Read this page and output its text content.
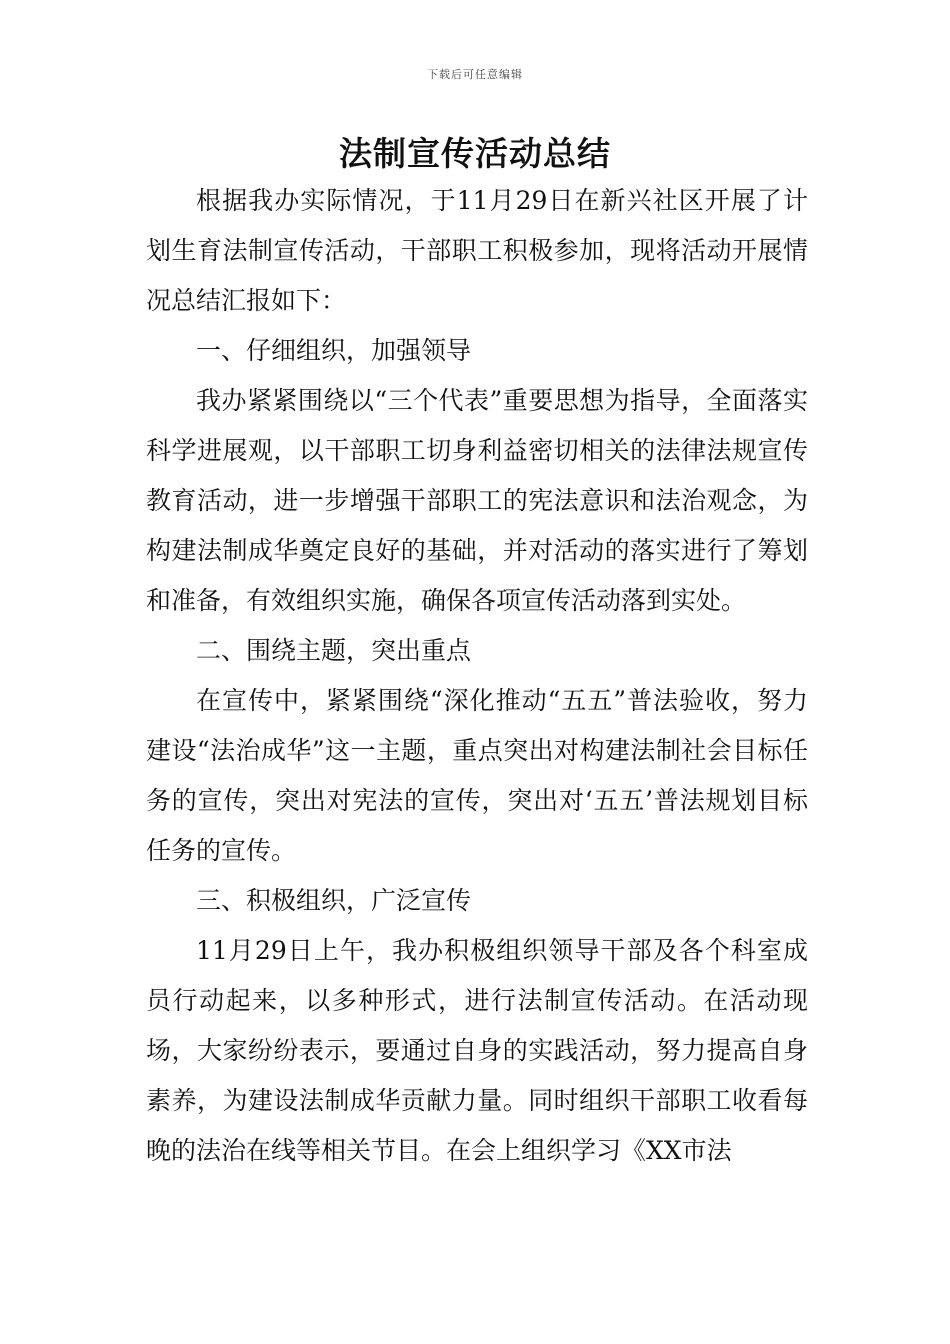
下载后可任意编辑
法制宣传活动总结

根据我办实际情况，于11月29日在新兴社区开展了计划生育法制宣传活动，干部职工积极参加，现将活动开展情况总结汇报如下：

一、仔细组织，加强领导

我办紧紧围绕以“三个代表”重要思想为指导，全面落实科学进展观，以干部职工切身利益密切相关的法律法规宣传教育活动，进一步增强干部职工的宪法意识和法治观念，为构建法制成华奠定良好的基础，并对活动的落实进行了筹划和准备，有效组织实施，确保各项宣传活动落到实处。

二、围绕主题，突出重点

在宣传中，紧紧围绕“深化推动“五五”普法验收，努力建设“法治成华”这一主题，重点突出对构建法制社会目标任务的宣传，突出对宪法的宣传，突出对‘五五’普法规划目标任务的宣传。

三、积极组织，广泛宣传

11月29日上午，我办积极组织领导干部及各个科室成员行动起来，以多种形式，进行法制宣传活动。在活动现场，大家纷纷表示，要通过自身的实践活动，努力提高自身素养，为建设法制成华贡献力量。同时组织干部职工收看每晚的法治在线等相关节目。在会上组织学习《XX市法
